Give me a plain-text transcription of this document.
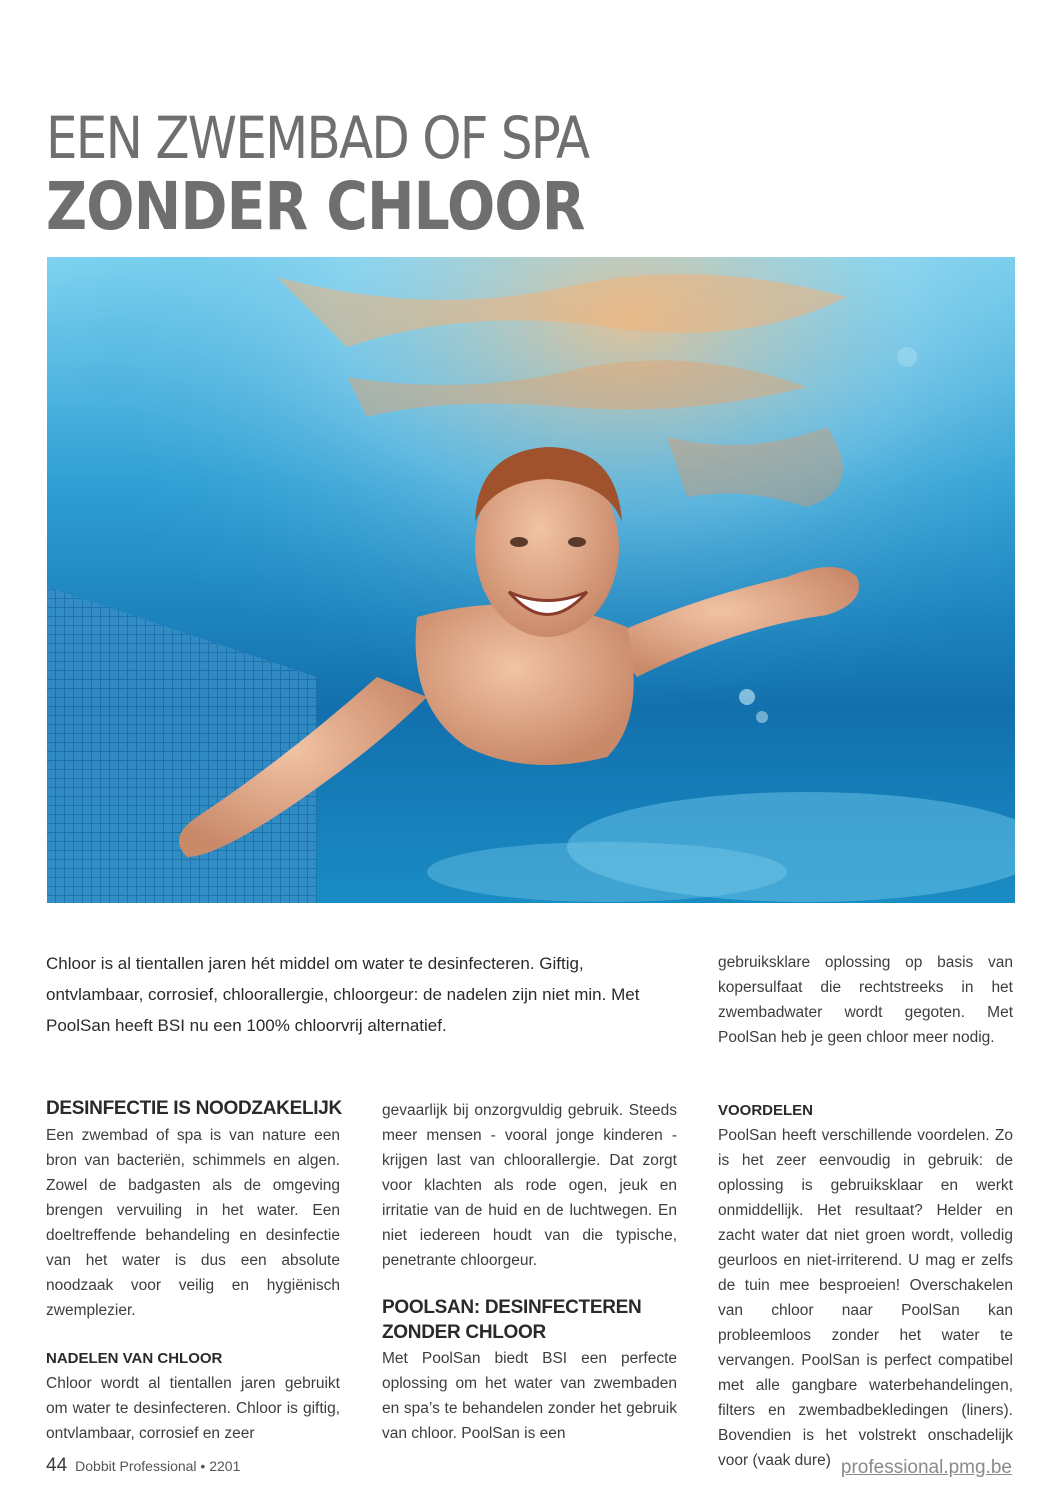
EEN ZWEMBAD OF SPA
ZONDER CHLOOR

Chloor is al tientallen jaren hét middel om water te desinfecteren. Giftig, ontvlambaar, corrosief, chloorallergie, chloorgeur: de nadelen zijn niet min. Met PoolSan heeft BSI nu een 100% chloorvrij alternatief.

DESINFECTIE IS NOODZAKELIJK

Een zwembad of spa is van nature een bron van bacteriën, schimmels en algen. Zowel de badgasten als de omgeving brengen vervuiling in het water. Een doeltreffende behandeling en desinfectie van het water is dus een absolute noodzaak voor veilig en hygiënisch zwemplezier.

NADELEN VAN CHLOOR

Chloor wordt al tientallen jaren gebruikt om water te desinfecteren. Chloor is giftig, ontvlambaar, corrosief en zeer

gevaarlijk bij onzorgvuldig gebruik. Steeds meer mensen - vooral jonge kinderen - krijgen last van chloorallergie. Dat zorgt voor klachten als rode ogen, jeuk en irritatie van de huid en de luchtwegen. En niet iedereen houdt van die typische, penetrante chloorgeur.

POOLSAN: DESINFECTEREN
ZONDER CHLOOR

Met PoolSan biedt BSI een perfecte oplossing om het water van zwembaden en spa’s te behandelen zonder het gebruik van chloor. PoolSan is een

gebruiksklare oplossing op basis van kopersulfaat die rechtstreeks in het zwembadwater wordt gegoten. Met PoolSan heb je geen chloor meer nodig.

VOORDELEN

PoolSan heeft verschillende voordelen. Zo is het zeer eenvoudig in gebruik: de oplossing is gebruiksklaar en werkt onmiddellijk. Het resultaat? Helder en zacht water dat niet groen wordt, volledig geurloos en niet-irriterend. U mag er zelfs de tuin mee besproeien! Overschakelen van chloor naar PoolSan kan probleemloos zonder het water te vervangen. PoolSan is perfect compatibel met alle gangbare waterbehandelingen, filters en zwembadbekledingen (liners). Bovendien is het volstrekt onschadelijk voor (vaak dure)

44 Dobbit Professional • 2201	professional.pmg.be
